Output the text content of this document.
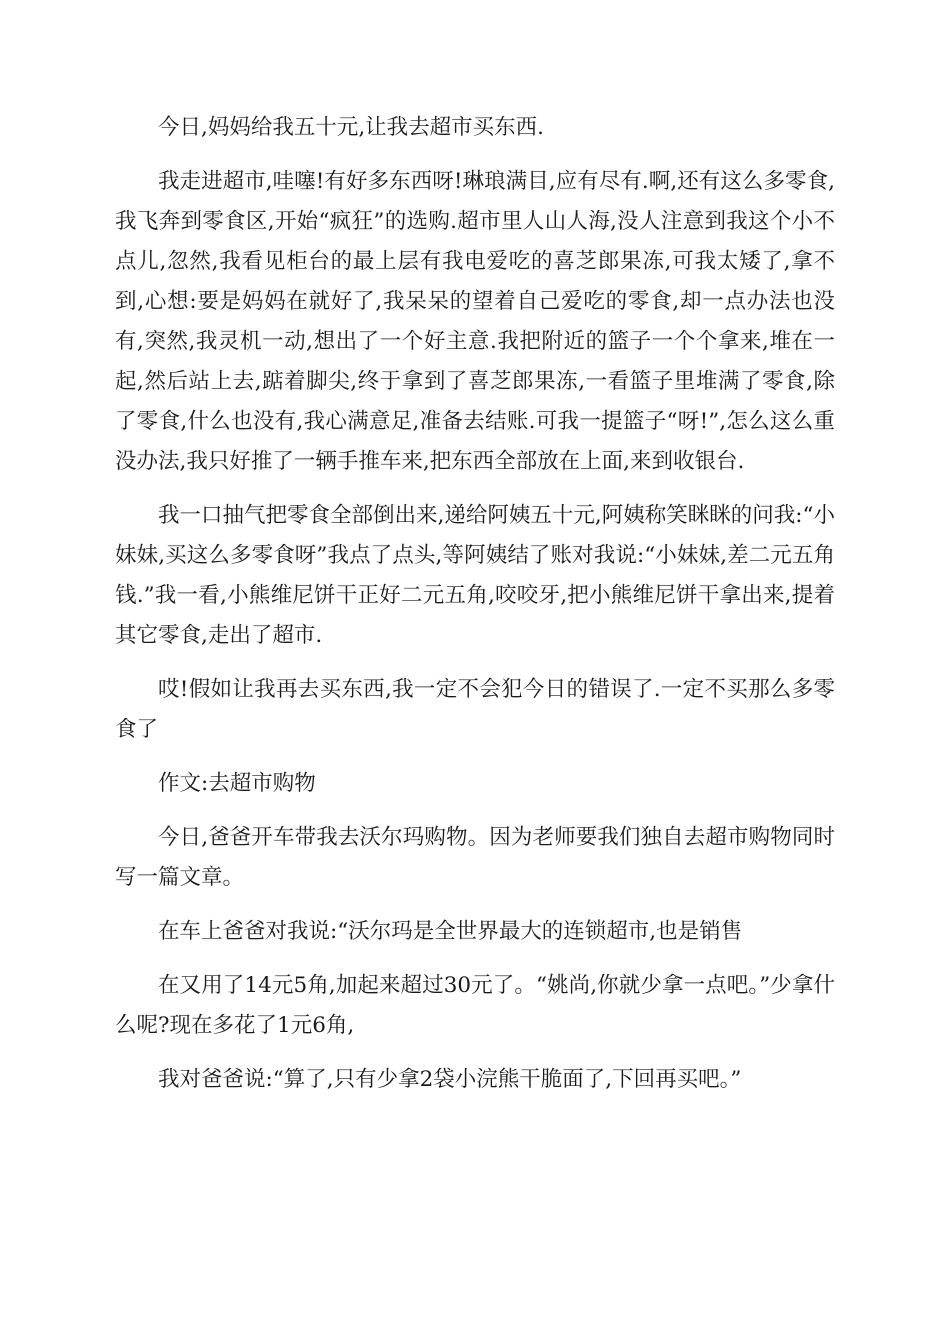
今日,妈妈给我五十元,让我去超市买东西.

我走进超市,哇噻!有好多东西呀!琳琅满目,应有尽有.啊,还有这么多零食,我飞奔到零食区,开始“疯狂”的选购.超市里人山人海,没人注意到我这个小不点儿,忽然,我看见柜台的最上层有我电爱吃的喜芝郎果冻,可我太矮了,拿不到,心想:要是妈妈在就好了,我呆呆的望着自己爱吃的零食,却一点办法也没有,突然,我灵机一动,想出了一个好主意.我把附近的篮子一个个拿来,堆在一起,然后站上去,踮着脚尖,终于拿到了喜芝郎果冻,一看篮子里堆满了零食,除了零食,什么也没有,我心满意足,准备去结账.可我一提篮子“呀!”,怎么这么重没办法,我只好推了一辆手推车来,把东西全部放在上面,来到收银台.

我一口抽气把零食全部倒出来,递给阿姨五十元,阿姨称笑眯眯的问我:“小妹妹,买这么多零食呀”我点了点头,等阿姨结了账对我说:“小妹妹,差二元五角钱.”我一看,小熊维尼饼干正好二元五角,咬咬牙,把小熊维尼饼干拿出来,提着其它零食,走出了超市.

哎!假如让我再去买东西,我一定不会犯今日的错误了.一定不买那么多零食了

作文:去超市购物

今日,爸爸开车带我去沃尔玛购物。因为老师要我们独自去超市购物同时写一篇文章。

在车上爸爸对我说:“沃尔玛是全世界最大的连锁超市,也是销售

在又用了14元5角,加起来超过30元了。“姚尚,你就少拿一点吧。”少拿什么呢?现在多花了1元6角,

我对爸爸说:“算了,只有少拿2袋小浣熊干脆面了,下回再买吧。”
